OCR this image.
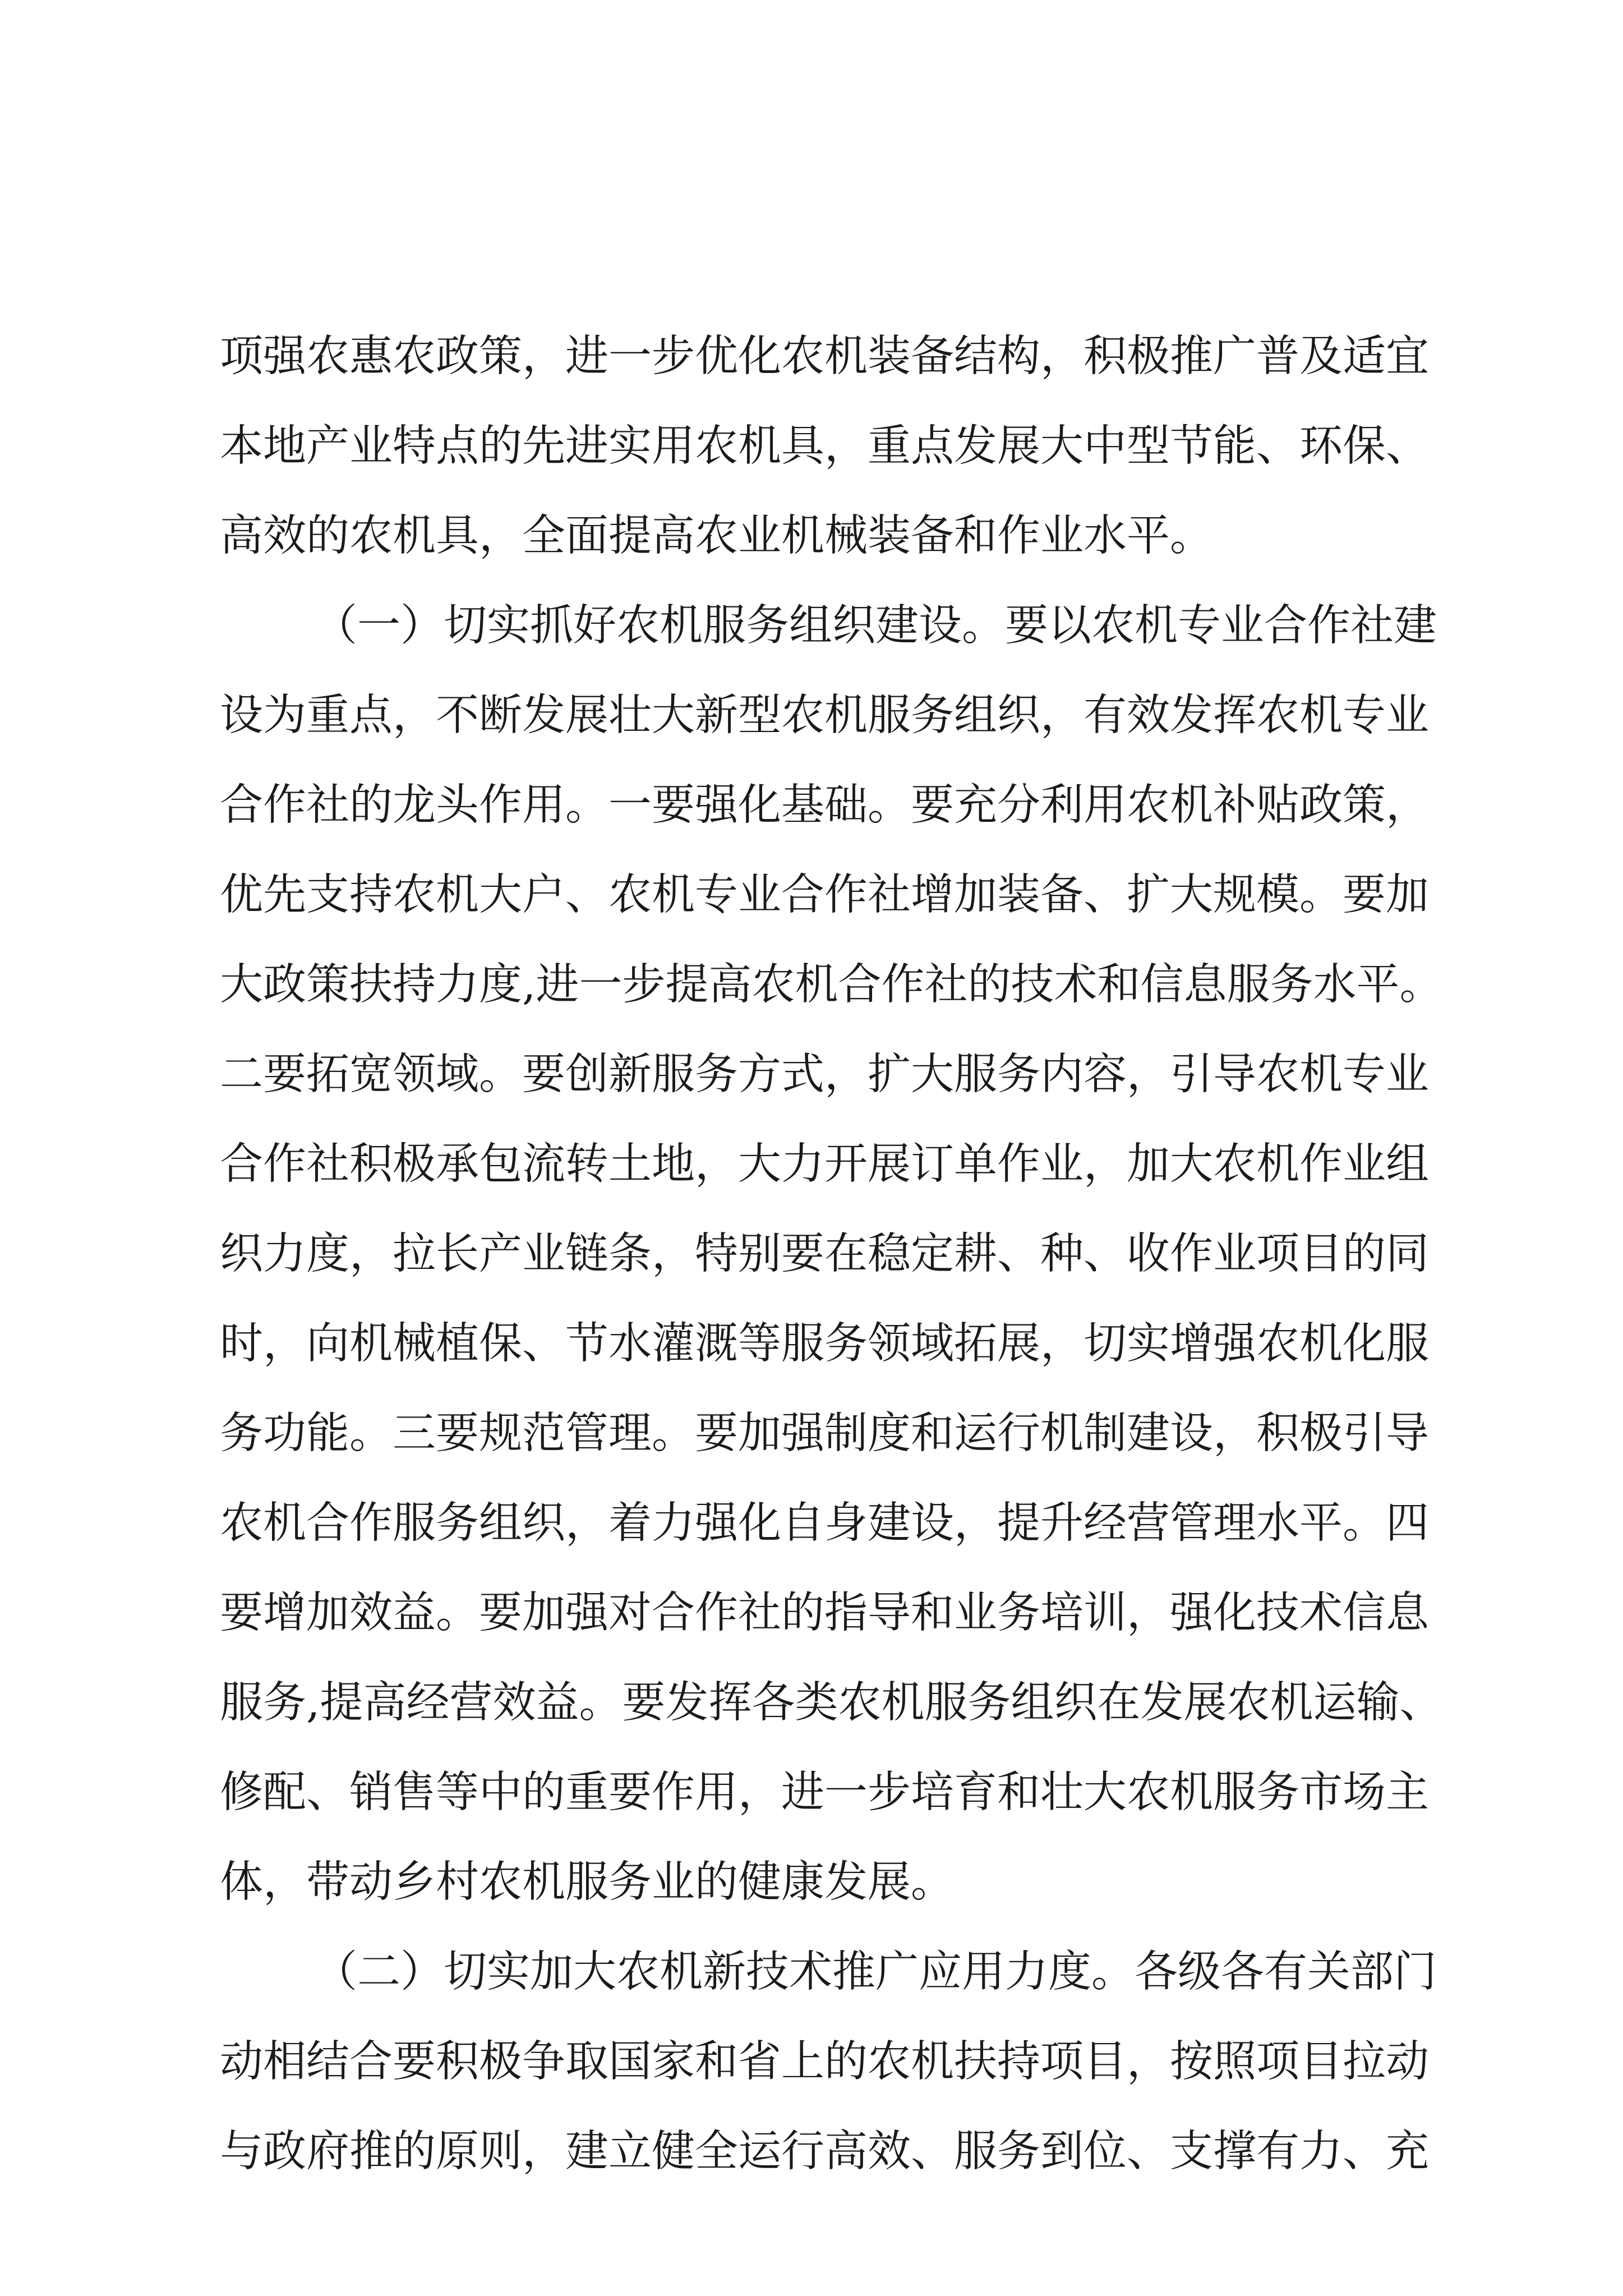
项强农惠农政策，进一步优化农机装备结构，积极推广普及适宜
本地产业特点的先进实用农机具，重点发展大中型节能、环保、
高效的农机具，全面提高农业机械装备和作业水平。
（一）切实抓好农机服务组织建设。要以农机专业合作社建
设为重点，不断发展壮大新型农机服务组织，有效发挥农机专业
合作社的龙头作用。一要强化基础。要充分利用农机补贴政策，
优先支持农机大户、农机专业合作社增加装备、扩大规模。要加
大政策扶持力度,进一步提高农机合作社的技术和信息服务水平。
二要拓宽领域。要创新服务方式，扩大服务内容，引导农机专业
合作社积极承包流转土地，大力开展订单作业，加大农机作业组
织力度，拉长产业链条，特别要在稳定耕、种、收作业项目的同
时，向机械植保、节水灌溉等服务领域拓展，切实增强农机化服
务功能。三要规范管理。要加强制度和运行机制建设，积极引导
农机合作服务组织，着力强化自身建设，提升经营管理水平。四
要增加效益。要加强对合作社的指导和业务培训，强化技术信息
服务,提高经营效益。要发挥各类农机服务组织在发展农机运输、
修配、销售等中的重要作用，进一步培育和壮大农机服务市场主
体，带动乡村农机服务业的健康发展。
（二）切实加大农机新技术推广应用力度。各级各有关部门
动相结合要积极争取国家和省上的农机扶持项目，按照项目拉动
与政府推的原则，建立健全运行高效、服务到位、支撑有力、充
